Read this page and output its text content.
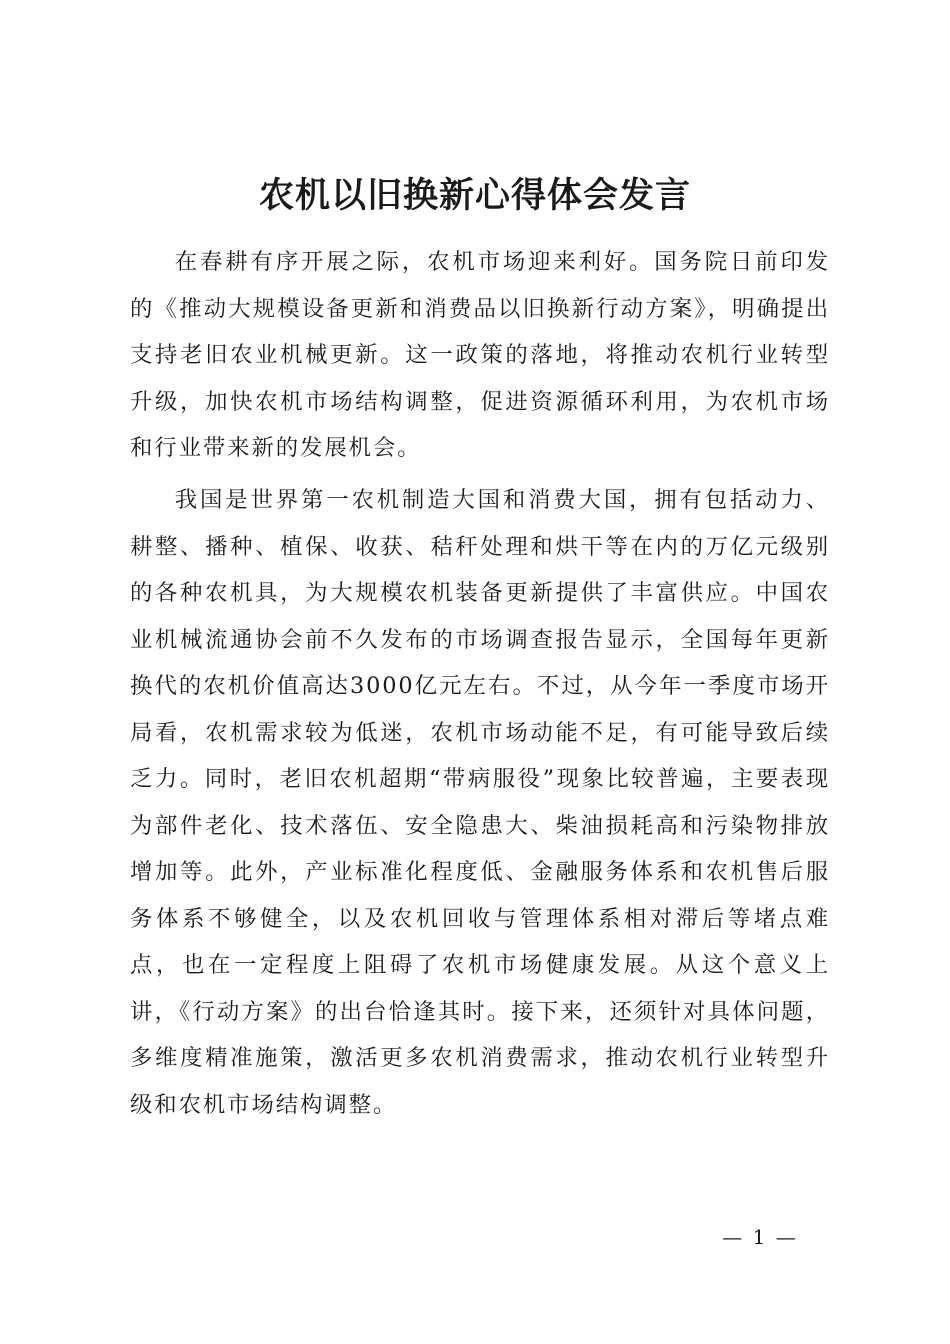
农机以旧换新心得体会发言

在春耕有序开展之际，农机市场迎来利好。国务院日前印发的《推动大规模设备更新和消费品以旧换新行动方案》，明确提出支持老旧农业机械更新。这一政策的落地，将推动农机行业转型升级，加快农机市场结构调整，促进资源循环利用，为农机市场和行业带来新的发展机会。

我国是世界第一农机制造大国和消费大国，拥有包括动力、耕整、播种、植保、收获、秸秆处理和烘干等在内的万亿元级别的各种农机具，为大规模农机装备更新提供了丰富供应。中国农业机械流通协会前不久发布的市场调查报告显示，全国每年更新换代的农机价值高达3000亿元左右。不过，从今年一季度市场开局看，农机需求较为低迷，农机市场动能不足，有可能导致后续乏力。同时，老旧农机超期“带病服役”现象比较普遍，主要表现为部件老化、技术落伍、安全隐患大、柴油损耗高和污染物排放增加等。此外，产业标准化程度低、金融服务体系和农机售后服务体系不够健全，以及农机回收与管理体系相对滞后等堵点难点，也在一定程度上阻碍了农机市场健康发展。从这个意义上讲，《行动方案》的出台恰逢其时。接下来，还须针对具体问题，多维度精准施策，激活更多农机消费需求，推动农机行业转型升级和农机市场结构调整。

— 1 —
